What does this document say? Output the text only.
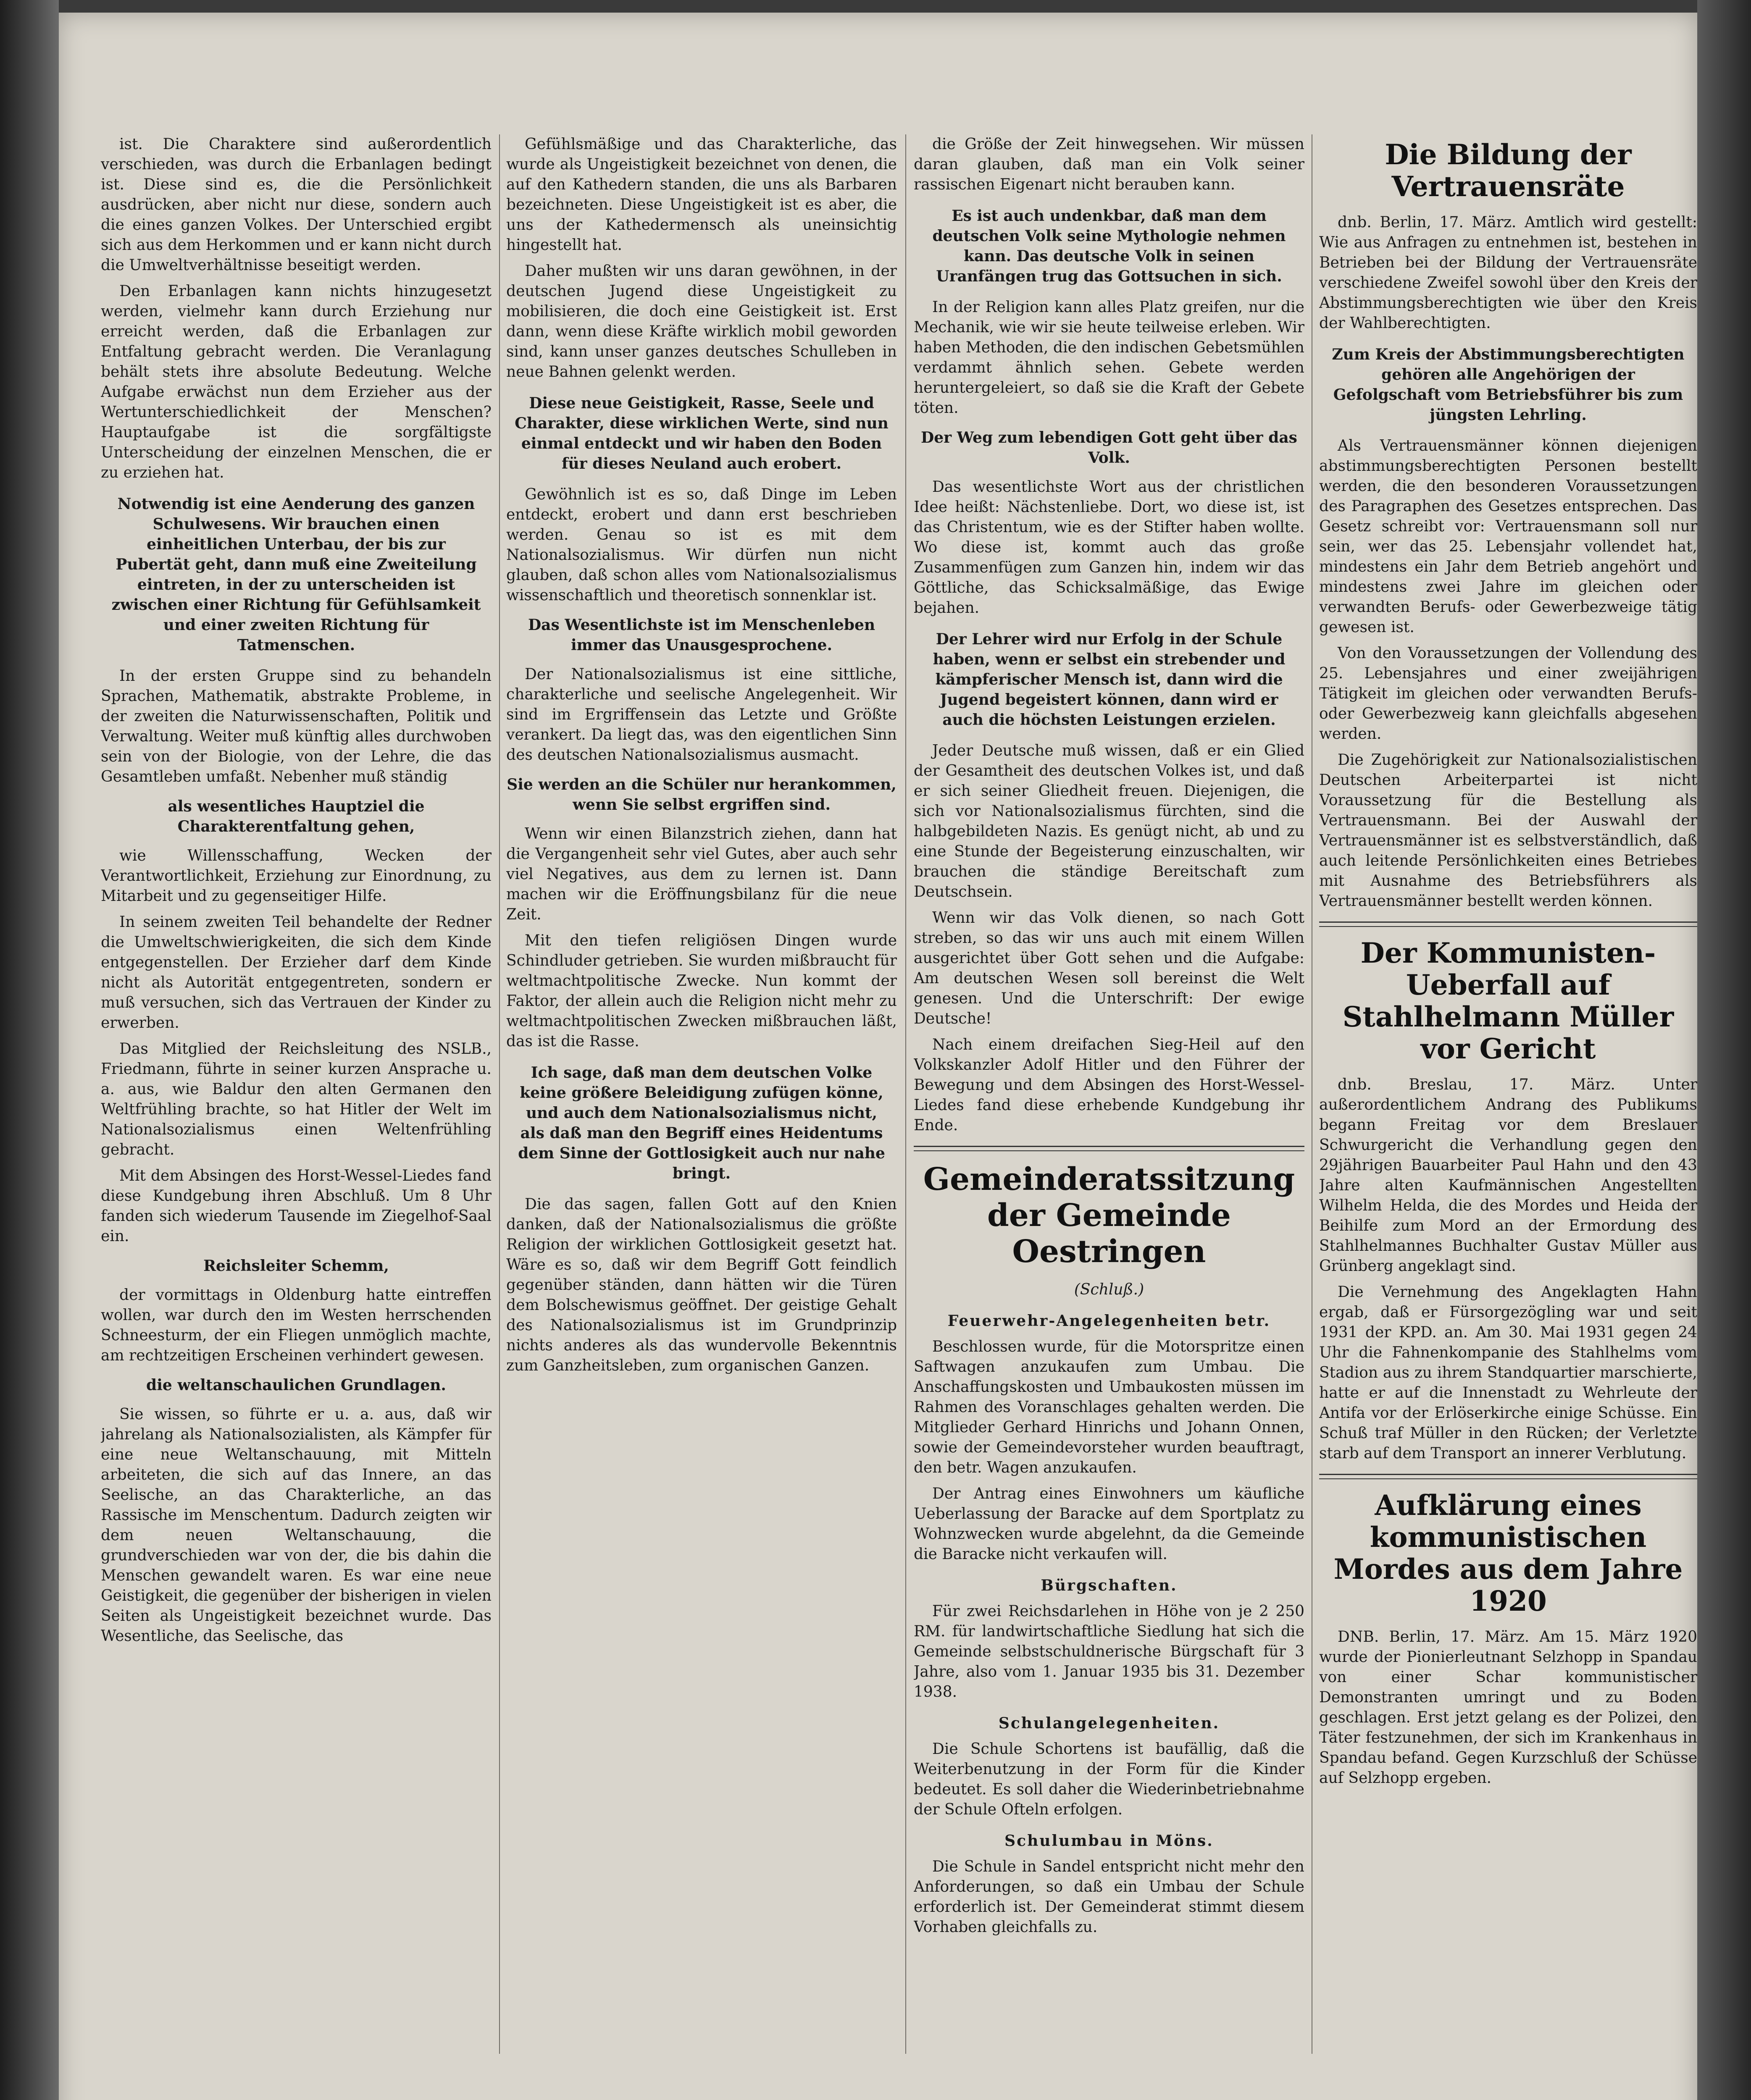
ist. Die Charaktere sind außerordentlich verschieden, was durch die Erbanlagen bedingt ist. Diese sind es, die die Persönlichkeit ausdrücken, aber nicht nur diese, sondern auch die eines ganzen Volkes. Der Unterschied ergibt sich aus dem Herkommen und er kann nicht durch die Umweltverhältnisse beseitigt werden.

Den Erbanlagen kann nichts hinzugesetzt werden, vielmehr kann durch Erziehung nur erreicht werden, daß die Erbanlagen zur Entfaltung gebracht werden. Die Veranlagung behält stets ihre absolute Bedeutung. Welche Aufgabe erwächst nun dem Erzieher aus der Wertunterschiedlichkeit der Menschen? Hauptaufgabe ist die sorgfältigste Unterscheidung der einzelnen Menschen, die er zu erziehen hat.

Notwendig ist eine Aenderung des ganzen Schulwesens. Wir brauchen einen einheitlichen Unterbau, der bis zur Pubertät geht, dann muß eine Zweiteilung eintreten, in der zu unterscheiden ist zwischen einer Richtung für Gefühlsamkeit und einer zweiten Richtung für Tatmenschen.

In der ersten Gruppe sind zu behandeln Sprachen, Mathematik, abstrakte Probleme, in der zweiten die Naturwissenschaften, Politik und Verwaltung. Weiter muß künftig alles durchwoben sein von der Biologie, von der Lehre, die das Gesamtleben umfaßt. Nebenher muß ständig

als wesentliches Hauptziel die Charakterentfaltung gehen,

wie Willensschaffung, Wecken der Verantwortlichkeit, Erziehung zur Einordnung, zu Mitarbeit und zu gegenseitiger Hilfe.

In seinem zweiten Teil behandelte der Redner die Umweltschwierigkeiten, die sich dem Kinde entgegenstellen. Der Erzieher darf dem Kinde nicht als Autorität entgegentreten, sondern er muß versuchen, sich das Vertrauen der Kinder zu erwerben.

Das Mitglied der Reichsleitung des NSLB., Friedmann, führte in seiner kurzen Ansprache u. a. aus, wie Baldur den alten Germanen den Weltfrühling brachte, so hat Hitler der Welt im Nationalsozialismus einen Weltenfrühling gebracht.

Mit dem Absingen des Horst-Wessel-Liedes fand diese Kundgebung ihren Abschluß. Um 8 Uhr fanden sich wiederum Tausende im Ziegelhof-Saal ein.

Reichsleiter Schemm,

der vormittags in Oldenburg hatte eintreffen wollen, war durch den im Westen herrschenden Schneesturm, der ein Fliegen unmöglich machte, am rechtzeitigen Erscheinen verhindert gewesen.

die weltanschaulichen Grundlagen.

Sie wissen, so führte er u. a. aus, daß wir jahrelang als Nationalsozialisten, als Kämpfer für eine neue Weltanschauung, mit Mitteln arbeiteten, die sich auf das Innere, an das Seelische, an das Charakterliche, an das Rassische im Menschentum. Dadurch zeigten wir dem neuen Weltanschauung, die grundverschieden war von der, die bis dahin die Menschen gewandelt waren. Es war eine neue Geistigkeit, die gegenüber der bisherigen in vielen Seiten als Ungeistigkeit bezeichnet wurde. Das Wesentliche, das Seelische, das

Gefühlsmäßige und das Charakterliche, das wurde als Ungeistigkeit bezeichnet von denen, die auf den Kathedern standen, die uns als Barbaren bezeichneten. Diese Ungeistigkeit ist es aber, die uns der Kathedermensch als uneinsichtig hingestellt hat.

Daher mußten wir uns daran gewöhnen, in der deutschen Jugend diese Ungeistigkeit zu mobilisieren, die doch eine Geistigkeit ist. Erst dann, wenn diese Kräfte wirklich mobil geworden sind, kann unser ganzes deutsches Schulleben in neue Bahnen gelenkt werden.

Diese neue Geistigkeit, Rasse, Seele und Charakter, diese wirklichen Werte, sind nun einmal entdeckt und wir haben den Boden für dieses Neuland auch erobert.

Gewöhnlich ist es so, daß Dinge im Leben entdeckt, erobert und dann erst beschrieben werden. Genau so ist es mit dem Nationalsozialismus. Wir dürfen nun nicht glauben, daß schon alles vom Nationalsozialismus wissenschaftlich und theoretisch sonnenklar ist.

Das Wesentlichste ist im Menschenleben immer das Unausgesprochene.

Der Nationalsozialismus ist eine sittliche, charakterliche und seelische Angelegenheit. Wir sind im Ergriffensein das Letzte und Größte verankert. Da liegt das, was den eigentlichen Sinn des deutschen Nationalsozialismus ausmacht.

Sie werden an die Schüler nur herankommen, wenn Sie selbst ergriffen sind.

Wenn wir einen Bilanzstrich ziehen, dann hat die Vergangenheit sehr viel Gutes, aber auch sehr viel Negatives, aus dem zu lernen ist. Dann machen wir die Eröffnungsbilanz für die neue Zeit.

Mit den tiefen religiösen Dingen wurde Schindluder getrieben. Sie wurden mißbraucht für weltmachtpolitische Zwecke. Nun kommt der Faktor, der allein auch die Religion nicht mehr zu weltmachtpolitischen Zwecken mißbrauchen läßt, das ist die Rasse.

Ich sage, daß man dem deutschen Volke keine größere Beleidigung zufügen könne, und auch dem Nationalsozialismus nicht, als daß man den Begriff eines Heidentums dem Sinne der Gottlosigkeit auch nur nahe bringt.

Die das sagen, fallen Gott auf den Knien danken, daß der Nationalsozialismus die größte Religion der wirklichen Gottlosigkeit gesetzt hat. Wäre es so, daß wir dem Begriff Gott feindlich gegenüber ständen, dann hätten wir die Türen dem Bolschewismus geöffnet. Der geistige Gehalt des Nationalsozialismus ist im Grundprinzip nichts anderes als das wundervolle Bekenntnis zum Ganzheitsleben, zum organischen Ganzen.

die Größe der Zeit hinwegsehen. Wir müssen daran glauben, daß man ein Volk seiner rassischen Eigenart nicht berauben kann.

Es ist auch undenkbar, daß man dem deutschen Volk seine Mythologie nehmen kann. Das deutsche Volk in seinen Uranfängen trug das Gottsuchen in sich.

In der Religion kann alles Platz greifen, nur die Mechanik, wie wir sie heute teilweise erleben. Wir haben Methoden, die den indischen Gebetsmühlen verdammt ähnlich sehen. Gebete werden heruntergeleiert, so daß sie die Kraft der Gebete töten.

Der Weg zum lebendigen Gott geht über das Volk.

Das wesentlichste Wort aus der christlichen Idee heißt: Nächstenliebe. Dort, wo diese ist, ist das Christentum, wie es der Stifter haben wollte. Wo diese ist, kommt auch das große Zusammenfügen zum Ganzen hin, indem wir das Göttliche, das Schicksalmäßige, das Ewige bejahen.

Der Lehrer wird nur Erfolg in der Schule haben, wenn er selbst ein strebender und kämpferischer Mensch ist, dann wird die Jugend begeistert können, dann wird er auch die höchsten Leistungen erzielen.

Jeder Deutsche muß wissen, daß er ein Glied der Gesamtheit des deutschen Volkes ist, und daß er sich seiner Gliedheit freuen. Diejenigen, die sich vor Nationalsozialismus fürchten, sind die halbgebildeten Nazis. Es genügt nicht, ab und zu eine Stunde der Begeisterung einzuschalten, wir brauchen die ständige Bereitschaft zum Deutschsein.

Wenn wir das Volk dienen, so nach Gott streben, so das wir uns auch mit einem Willen ausgerichtet über Gott sehen und die Aufgabe: Am deutschen Wesen soll bereinst die Welt genesen. Und die Unterschrift: Der ewige Deutsche!

Nach einem dreifachen Sieg-Heil auf den Volkskanzler Adolf Hitler und den Führer der Bewegung und dem Absingen des Horst-Wessel-Liedes fand diese erhebende Kundgebung ihr Ende.

Gemeinderatssitzung der Gemeinde Oestringen
(Schluß.)
Feuerwehr-Angelegenheiten betr.

Beschlossen wurde, für die Motorspritze einen Saftwagen anzukaufen zum Umbau. Die Anschaffungskosten und Umbaukosten müssen im Rahmen des Voranschlages gehalten werden. Die Mitglieder Gerhard Hinrichs und Johann Onnen, sowie der Gemeindevorsteher wurden beauftragt, den betr. Wagen anzukaufen.

Der Antrag eines Einwohners um käufliche Ueberlassung der Baracke auf dem Sportplatz zu Wohnzwecken wurde abgelehnt, da die Gemeinde die Baracke nicht verkaufen will.

Bürgschaften.

Für zwei Reichsdarlehen in Höhe von je 2 250 RM. für landwirtschaftliche Siedlung hat sich die Gemeinde selbstschuldnerische Bürgschaft für 3 Jahre, also vom 1. Januar 1935 bis 31. Dezember 1938.

Schulangelegenheiten.

Die Schule Schortens ist baufällig, daß die Weiterbenutzung in der Form für die Kinder bedeutet. Es soll daher die Wiederinbetriebnahme der Schule Ofteln erfolgen.

Schulumbau in Möns.

Die Schule in Sandel entspricht nicht mehr den Anforderungen, so daß ein Umbau der Schule erforderlich ist. Der Gemeinderat stimmt diesem Vorhaben gleichfalls zu.

Die Bildung der Vertrauensräte

dnb. Berlin, 17. März. Amtlich wird gestellt: Wie aus Anfragen zu entnehmen ist, bestehen in Betrieben bei der Bildung der Vertrauensräte verschiedene Zweifel sowohl über den Kreis der Abstimmungsberechtigten wie über den Kreis der Wahlberechtigten.

Zum Kreis der Abstimmungsberechtigten gehören alle Angehörigen der Gefolgschaft vom Betriebsführer bis zum jüngsten Lehrling.

Als Vertrauensmänner können diejenigen abstimmungsberechtigten Personen bestellt werden, die den besonderen Voraussetzungen des Paragraphen des Gesetzes entsprechen. Das Gesetz schreibt vor: Vertrauensmann soll nur sein, wer das 25. Lebensjahr vollendet hat, mindestens ein Jahr dem Betrieb angehört und mindestens zwei Jahre im gleichen oder verwandten Berufs- oder Gewerbezweige tätig gewesen ist.

Von den Voraussetzungen der Vollendung des 25. Lebensjahres und einer zweijährigen Tätigkeit im gleichen oder verwandten Berufs- oder Gewerbezweig kann gleichfalls abgesehen werden.

Die Zugehörigkeit zur Nationalsozialistischen Deutschen Arbeiterpartei ist nicht Voraussetzung für die Bestellung als Vertrauensmann. Bei der Auswahl der Vertrauensmänner ist es selbstverständlich, daß auch leitende Persönlichkeiten eines Betriebes mit Ausnahme des Betriebsführers als Vertrauensmänner bestellt werden können.

Der Kommunisten-Ueberfall auf Stahlhelmann Müller vor Gericht

dnb. Breslau, 17. März. Unter außerordentlichem Andrang des Publikums begann Freitag vor dem Breslauer Schwurgericht die Verhandlung gegen den 29jährigen Bauarbeiter Paul Hahn und den 43 Jahre alten Kaufmännischen Angestellten Wilhelm Helda, die des Mordes und Heida der Beihilfe zum Mord an der Ermordung des Stahlhelmannes Buchhalter Gustav Müller aus Grünberg angeklagt sind.

Die Vernehmung des Angeklagten Hahn ergab, daß er Fürsorgezögling war und seit 1931 der KPD. an. Am 30. Mai 1931 gegen 24 Uhr die Fahnenkompanie des Stahlhelms vom Stadion aus zu ihrem Standquartier marschierte, hatte er auf die Innenstadt zu Wehrleute der Antifa vor der Erlöserkirche einige Schüsse. Ein Schuß traf Müller in den Rücken; der Verletzte starb auf dem Transport an innerer Verblutung.

Aufklärung eines kommunistischen Mordes aus dem Jahre 1920

DNB. Berlin, 17. März. Am 15. März 1920 wurde der Pionierleutnant Selzhopp in Spandau von einer Schar kommunistischer Demonstranten umringt und zu Boden geschlagen. Erst jetzt gelang es der Polizei, den Täter festzunehmen, der sich im Krankenhaus in Spandau befand. Gegen Kurzschluß der Schüsse auf Selzhopp ergeben.
